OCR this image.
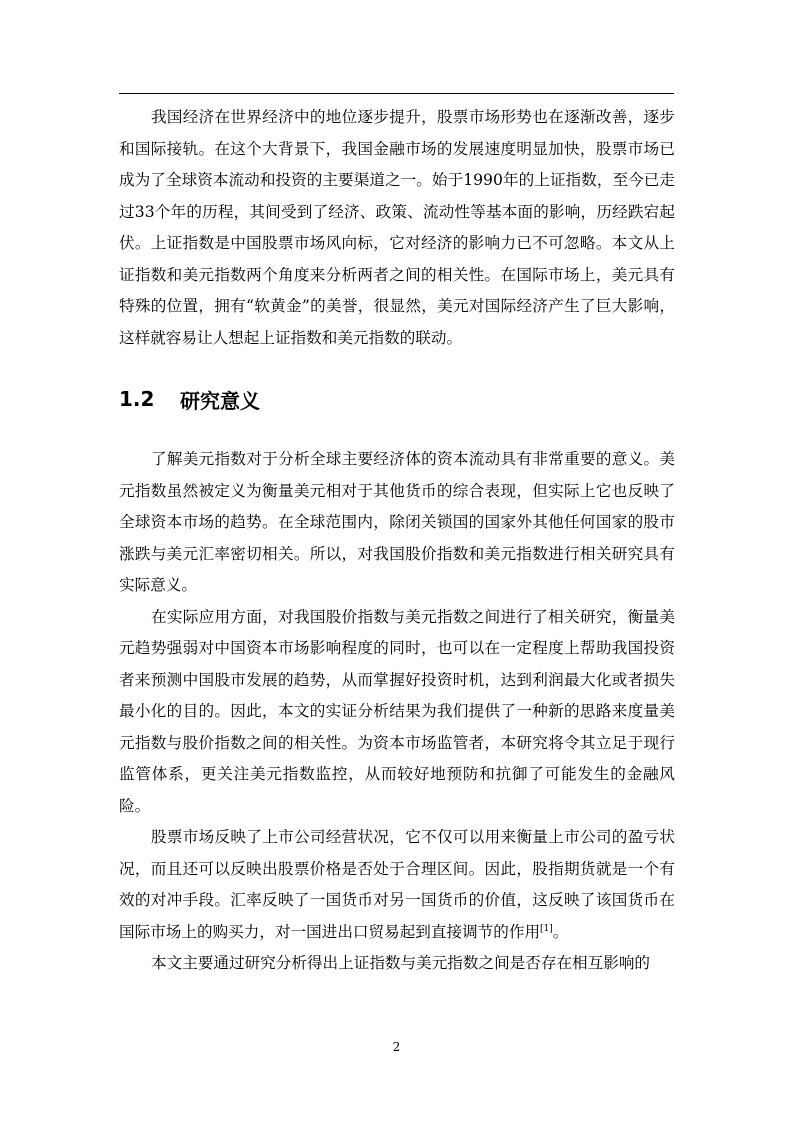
我国经济在世界经济中的地位逐步提升，股票市场形势也在逐渐改善，逐步和国际接轨。在这个大背景下，我国金融市场的发展速度明显加快，股票市场已成为了全球资本流动和投资的主要渠道之一。始于1990年的上证指数，至今已走过33个年的历程，其间受到了经济、政策、流动性等基本面的影响，历经跌宕起伏。上证指数是中国股票市场风向标，它对经济的影响力已不可忽略。本文从上证指数和美元指数两个角度来分析两者之间的相关性。在国际市场上，美元具有特殊的位置，拥有“软黄金”的美誉，很显然，美元对国际经济产生了巨大影响，这样就容易让人想起上证指数和美元指数的联动。

1.2	研究意义

了解美元指数对于分析全球主要经济体的资本流动具有非常重要的意义。美元指数虽然被定义为衡量美元相对于其他货币的综合表现，但实际上它也反映了全球资本市场的趋势。在全球范围内，除闭关锁国的国家外其他任何国家的股市涨跌与美元汇率密切相关。所以，对我国股价指数和美元指数进行相关研究具有实际意义。

在实际应用方面，对我国股价指数与美元指数之间进行了相关研究，衡量美元趋势强弱对中国资本市场影响程度的同时，也可以在一定程度上帮助我国投资者来预测中国股市发展的趋势，从而掌握好投资时机，达到利润最大化或者损失最小化的目的。因此，本文的实证分析结果为我们提供了一种新的思路来度量美元指数与股价指数之间的相关性。为资本市场监管者，本研究将令其立足于现行监管体系，更关注美元指数监控，从而较好地预防和抗御了可能发生的金融风险。

股票市场反映了上市公司经营状况，它不仅可以用来衡量上市公司的盈亏状况，而且还可以反映出股票价格是否处于合理区间。因此，股指期货就是一个有效的对冲手段。汇率反映了一国货币对另一国货币的价值，这反映了该国货币在国际市场上的购买力，对一国进出口贸易起到直接调节的作用[1]。

本文主要通过研究分析得出上证指数与美元指数之间是否存在相互影响的

2
